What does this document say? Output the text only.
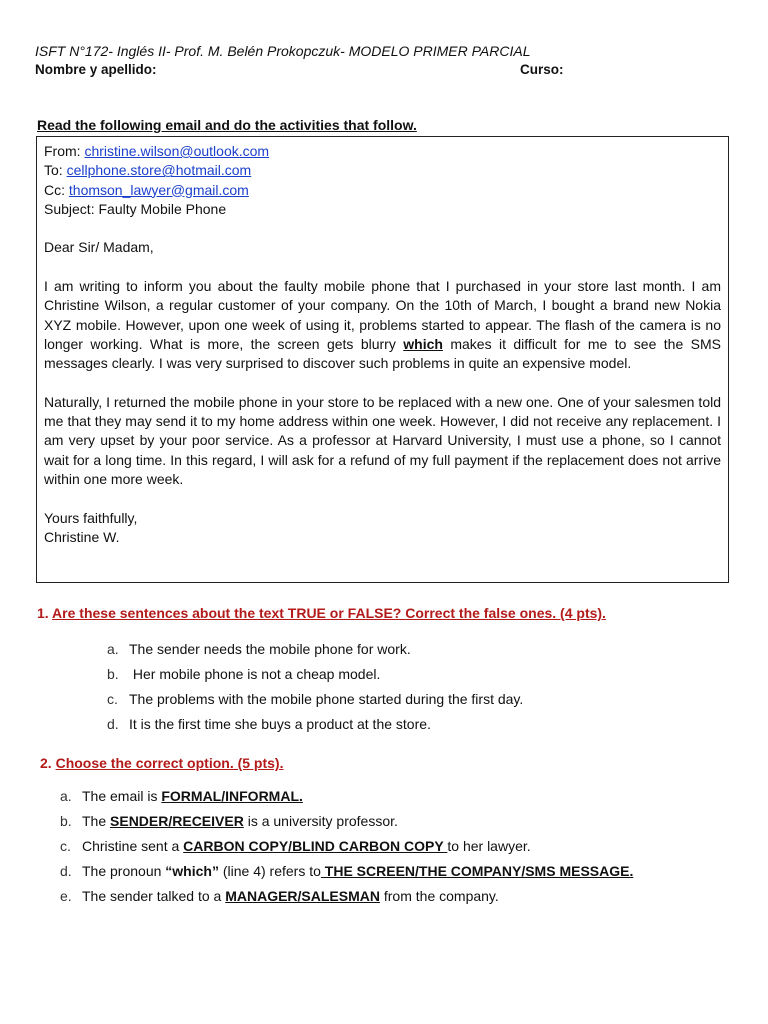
ISFT N°172- Inglés II- Prof. M. Belén Prokopczuk- MODELO PRIMER PARCIAL
Nombre y apellido:	Curso:
Read the following email and do the activities that follow.
From: christine.wilson@outlook.com
To: cellphone.store@hotmail.com
Cc: thomson_lawyer@gmail.com
Subject: Faulty Mobile Phone
Dear Sir/ Madam,
I am writing to inform you about the faulty mobile phone that I purchased in your store last month. I am Christine Wilson, a regular customer of your company. On the 10th of March, I bought a brand new Nokia XYZ mobile. However, upon one week of using it, problems started to appear. The flash of the camera is no longer working. What is more, the screen gets blurry which makes it difficult for me to see the SMS messages clearly. I was very surprised to discover such problems in quite an expensive model.
Naturally, I returned the mobile phone in your store to be replaced with a new one. One of your salesmen told me that they may send it to my home address within one week. However, I did not receive any replacement. I am very upset by your poor service. As a professor at Harvard University, I must use a phone, so I cannot wait for a long time. In this regard, I will ask for a refund of my full payment if the replacement does not arrive within one more week.
Yours faithfully,
Christine W.
1. Are these sentences about the text TRUE or FALSE? Correct the false ones. (4 pts).
a. The sender needs the mobile phone for work.
b. Her mobile phone is not a cheap model.
c. The problems with the mobile phone started during the first day.
d. It is the first time she buys a product at the store.
2. Choose the correct option. (5 pts).
a. The email is FORMAL/INFORMAL.
b. The SENDER/RECEIVER is a university professor.
c. Christine sent a CARBON COPY/BLIND CARBON COPY to her lawyer.
d. The pronoun “which” (line 4) refers to THE SCREEN/THE COMPANY/SMS MESSAGE.
e. The sender talked to a MANAGER/SALESMAN from the company.
